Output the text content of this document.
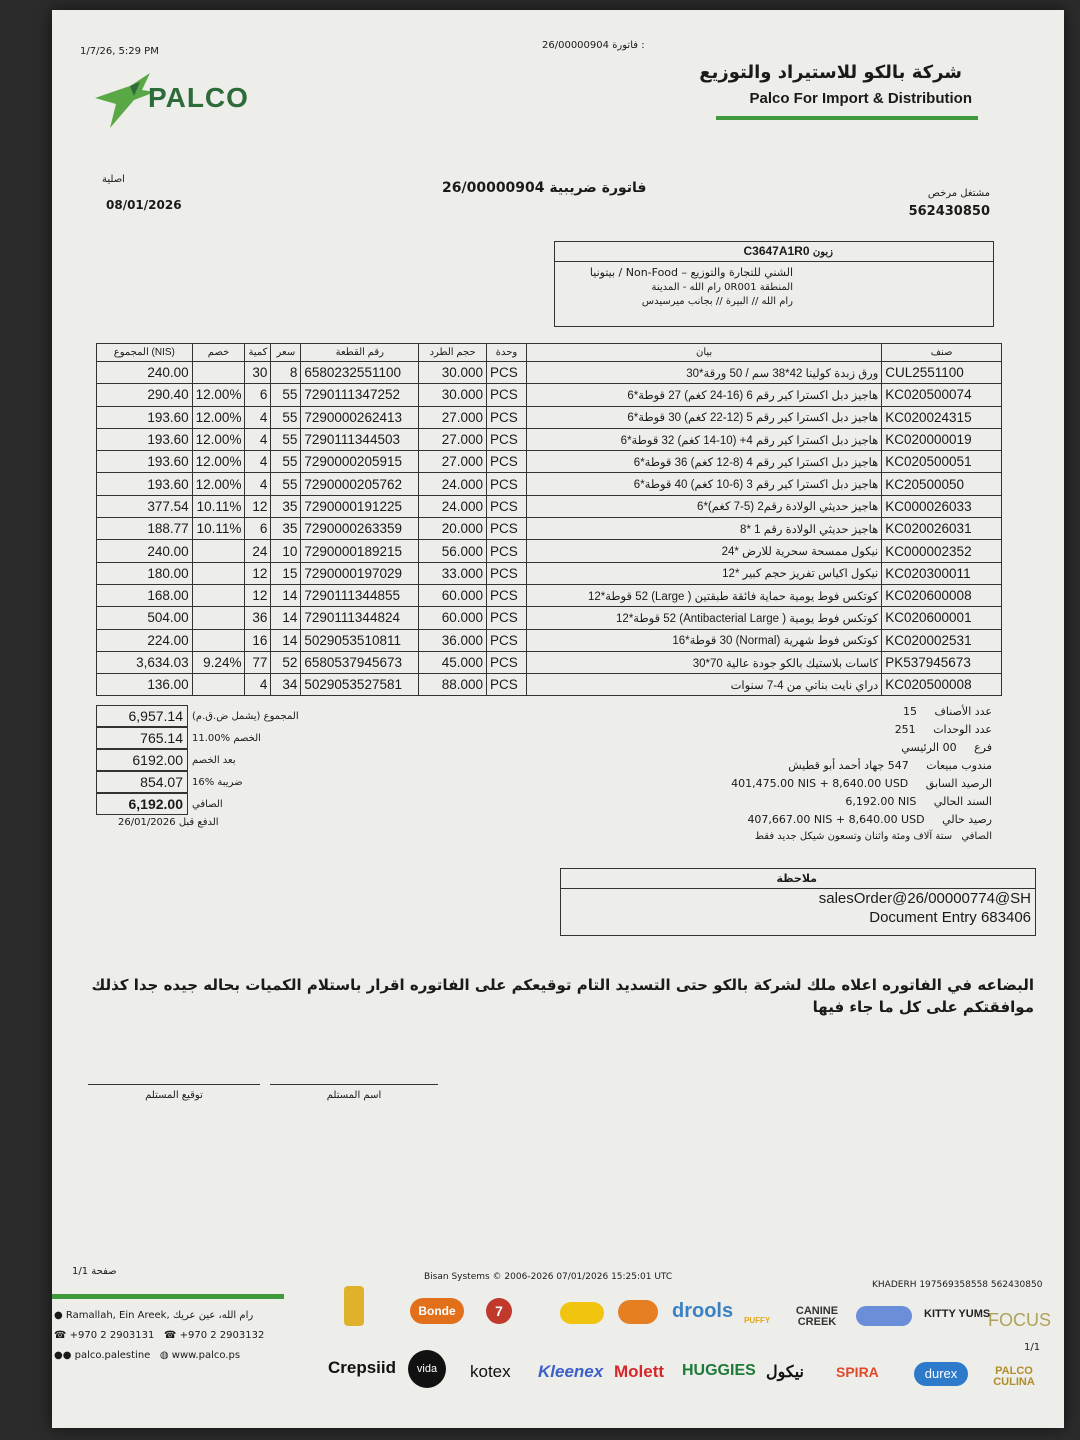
1/7/26, 5:29 PM
: فاتورة 26/00000904
PALCO
شركة بالكو للاستيراد والتوزيع
Palco For Import & Distribution
اصلية
08/01/2026
26/00000904 فاتورة ضريبية	مشتغل مرخص
562430850
C3647A1R0 زبون
الشني للتجارة والتوزيع – Non-Food / بيتونيا
المنطقة 0R001 رام الله - المدينة
رام الله // البيرة // بجانب ميرسيدس
المجموع (NIS)	خصم	كمية	سعر	رقم القطعة	حجم الطرد	وحدة	بيان	صنف
240.00		30	8	6580232551100	30.000	PCS	ورق زبدة كولينا 42*38 سم / 50 ورقة*30	CUL2551100
290.40	12.00%	6	55	7290111347252	30.000	PCS	هاجيز دبل اكسترا كير رقم 6 (16-24 كغم) 27 قوطة*6	KC020500074
193.60	12.00%	4	55	7290000262413	27.000	PCS	هاجيز دبل اكسترا كير رقم 5 (12-22 كغم) 30 قوطة*6	KC020024315
193.60	12.00%	4	55	7290111344503	27.000	PCS	هاجيز دبل اكسترا كير رقم 4+ (10-14 كغم) 32 قوطة*6	KC020000019
193.60	12.00%	4	55	7290000205915	27.000	PCS	هاجيز دبل اكسترا كير رقم 4 (8-12 كغم) 36 قوطة*6	KC020500051
193.60	12.00%	4	55	7290000205762	24.000	PCS	هاجيز دبل اكسترا كير رقم 3 (6-10 كغم) 40 قوطة*6	KC20500050
377.54	10.11%	12	35	7290000191225	24.000	PCS	هاجيز حديثي الولادة رقم2 (5-7 كغم)*6	KC000026033
188.77	10.11%	6	35	7290000263359	20.000	PCS	هاجيز حديثي الولادة رقم 1 *8	KC020026031
240.00		24	10	7290000189215	56.000	PCS	نيكول ممسحة سحرية للارض *24	KC000002352
180.00		12	15	7290000197029	33.000	PCS	نيكول اكياس تفريز حجم كبير *12	KC020300011
168.00		12	14	7290111344855	60.000	PCS	كوتكس فوط يومية حماية فائقة طبقتين ( Large) 52 قوطة*12	KC020600008
504.00		36	14	7290111344824	60.000	PCS	كوتكس فوط يومية ( Antibacterial Large) 52 قوطة*12	KC020600001
224.00		16	14	5029053510811	36.000	PCS	كوتكس فوط شهرية (Normal) 30 قوطة*16	KC020002531
3,634.03	9.24%	77	52	6580537945673	45.000	PCS	كاسات بلاستيك بالكو جودة عالية 70*30	PK537945673
136.00		4	34	5029053527581	88.000	PCS	دراي نايت بناتي من 4-7 سنوات	KC020500008
6,957.14 المجموع (يشمل ض.ق.م)
765.14 الخصم %11.00
6192.00 بعد الخصم
854.07 ضريبة %16
6,192.00 الصافي
26/01/2026 الدفع قبل
عدد الأصناف 15
عدد الوحدات 251
فرع 00 الرئيسي
مندوب مبيعات 547 جهاد أحمد أبو قطيش
الرصيد السابق 401,475.00 NIS + 8,640.00 USD
السند الحالي 6,192.00 NIS
رصيد حالي 407,667.00 NIS + 8,640.00 USD
الصافي ستة آلاف ومئة واثنان وتسعون شيكل جديد فقط
ملاحظة
salesOrder@26/00000774@SH
Document Entry 683406
البضاعه في الفاتوره اعلاه ملك لشركة بالكو حتى التسديد التام توقيعكم على الفاتوره اقرار باستلام الكميات بحاله جيده جدا كذلك موافقتكم على كل ما جاء فيها
توقيع المستلم	اسم المستلم
صفحة 1/1	Bisan Systems © 2006-2026 07/01/2026 15:25:01 UTC
KHADERH 197569358558 562430850
● Ramallah, Ein Areek, رام الله، عين عريك
☎ +970 2 2903131 ☎ +970 2 2903132
●● palco.palestine ◍ www.palco.ps
Bonde	7	drools PUFFY
CANINE CREEK
KITTY YUMS
FOCUS
Crepsiid	vida	kotex Kleenex Molett HUGGIES نيكول SPIRA	durex	PALCO CULINA
1/1
